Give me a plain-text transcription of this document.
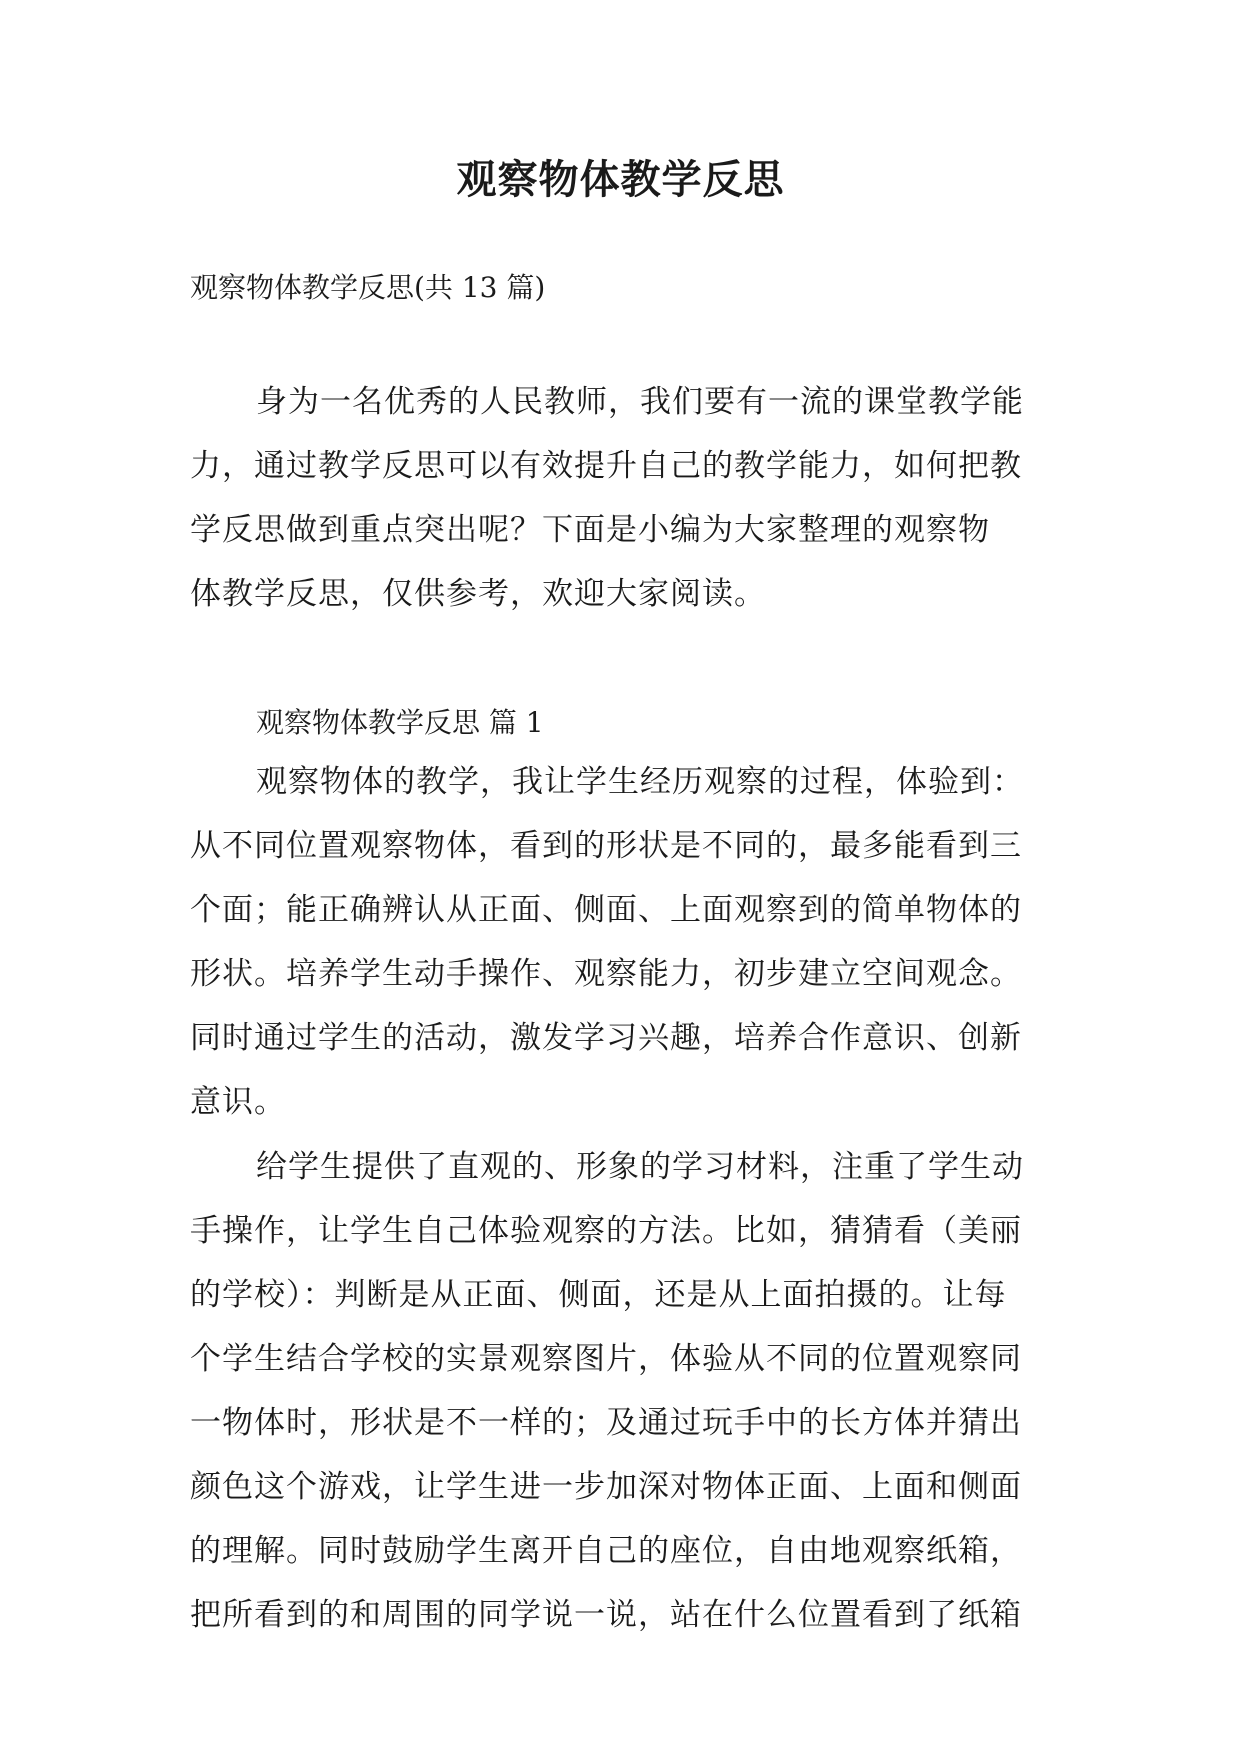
观察物体教学反思

观察物体教学反思(共 13 篇)

身为一名优秀的人民教师，我们要有一流的课堂教学能
力，通过教学反思可以有效提升自己的教学能力，如何把教
学反思做到重点突出呢？下面是小编为大家整理的观察物
体教学反思，仅供参考，欢迎大家阅读。
观察物体教学反思 篇 1
观察物体的教学，我让学生经历观察的过程，体验到：
从不同位置观察物体，看到的形状是不同的，最多能看到三
个面；能正确辨认从正面、侧面、上面观察到的简单物体的
形状。培养学生动手操作、观察能力，初步建立空间观念。
同时通过学生的活动，激发学习兴趣，培养合作意识、创新
意识。
给学生提供了直观的、形象的学习材料，注重了学生动
手操作，让学生自己体验观察的方法。比如，猜猜看（美丽
的学校）：判断是从正面、侧面，还是从上面拍摄的。让每
个学生结合学校的实景观察图片，体验从不同的位置观察同
一物体时，形状是不一样的；及通过玩手中的长方体并猜出
颜色这个游戏，让学生进一步加深对物体正面、上面和侧面
的理解。同时鼓励学生离开自己的座位，自由地观察纸箱，
把所看到的和周围的同学说一说，站在什么位置看到了纸箱
